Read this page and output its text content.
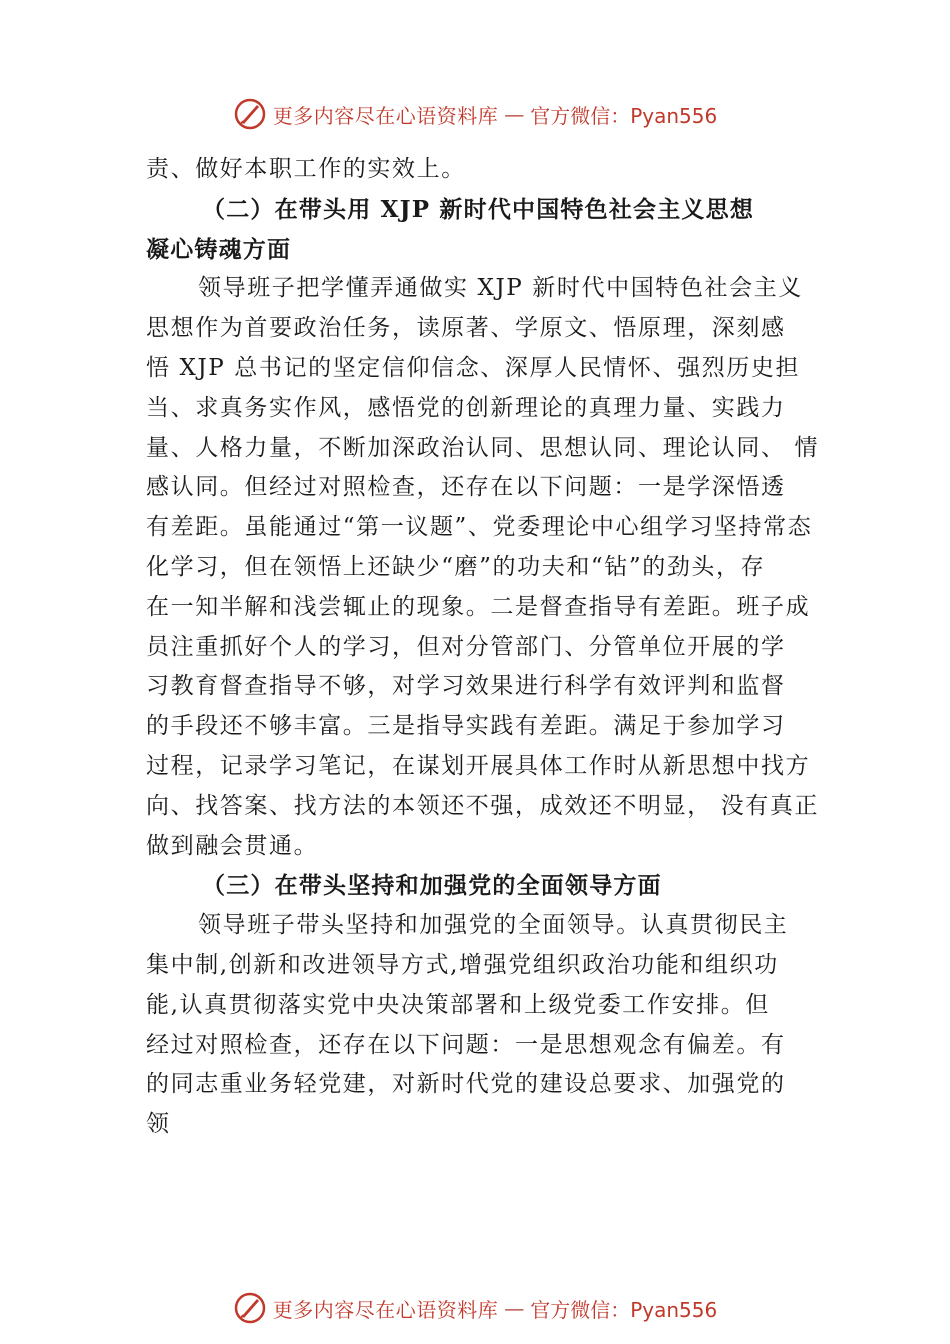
更多内容尽在心语资料库 — 官方微信：Pyan556
责、做好本职工作的实效上。
（二）在带头用 XJP 新时代中国特色社会主义思想
凝心铸魂方面
领导班子把学懂弄通做实 XJP 新时代中国特色社会主义
思想作为首要政治任务，读原著、学原文、悟原理，深刻感
悟 XJP 总书记的坚定信仰信念、深厚人民情怀、强烈历史担
当、求真务实作风，感悟党的创新理论的真理力量、实践力
量、人格力量，不断加深政治认同、思想认同、理论认同、 情
感认同。但经过对照检查，还存在以下问题：一是学深悟透
有差距。虽能通过“第一议题”、党委理论中心组学习坚持常态
化学习，但在领悟上还缺少“磨”的功夫和“钻”的劲头，存
在一知半解和浅尝辄止的现象。二是督查指导有差距。班子成
员注重抓好个人的学习，但对分管部门、分管单位开展的学
习教育督查指导不够，对学习效果进行科学有效评判和监督
的手段还不够丰富。三是指导实践有差距。满足于参加学习
过程，记录学习笔记，在谋划开展具体工作时从新思想中找方
向、找答案、找方法的本领还不强，成效还不明显， 没有真正
做到融会贯通。
（三）在带头坚持和加强党的全面领导方面
领导班子带头坚持和加强党的全面领导。认真贯彻民主
集中制,创新和改进领导方式,增强党组织政治功能和组织功
能,认真贯彻落实党中央决策部署和上级党委工作安排。但
经过对照检查，还存在以下问题：一是思想观念有偏差。有
的同志重业务轻党建，对新时代党的建设总要求、加强党的
领
更多内容尽在心语资料库 — 官方微信：Pyan556
